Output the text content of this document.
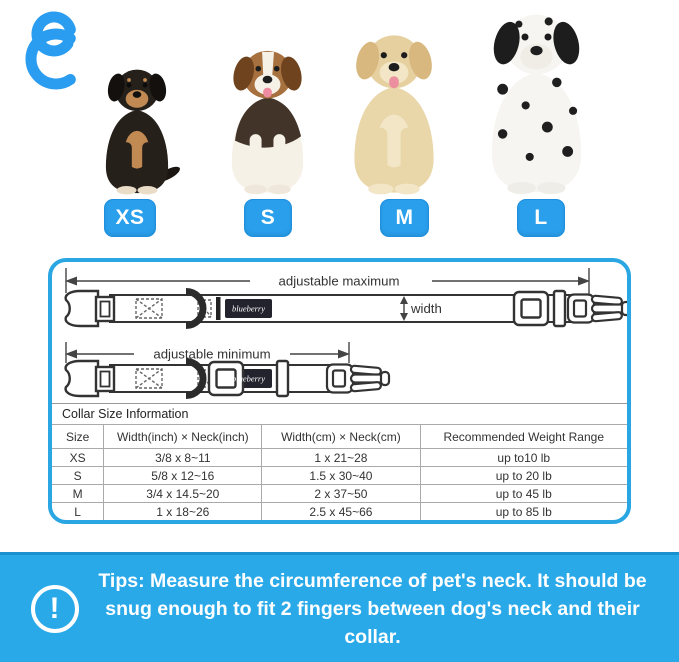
XS	S	M	L
adjustable maximum
width
adjustable minimum
blueberry
blueberry
Collar Size Information
Size	Width(inch) × Neck(inch)	Width(cm) × Neck(cm)	Recommended Weight Range
XS	3/8 x 8~11	1 x 21~28	up to10 lb
S	5/8 x 12~16	1.5 x 30~40	up to 20 lb
M	3/4 x 14.5~20	2 x 37~50	up to 45 lb
L	1 x 18~26	2.5 x 45~66	up to 85 lb
!
Tips: Measure the circumference of pet's neck. It should be snug enough to fit 2 fingers between dog's neck and their collar.
